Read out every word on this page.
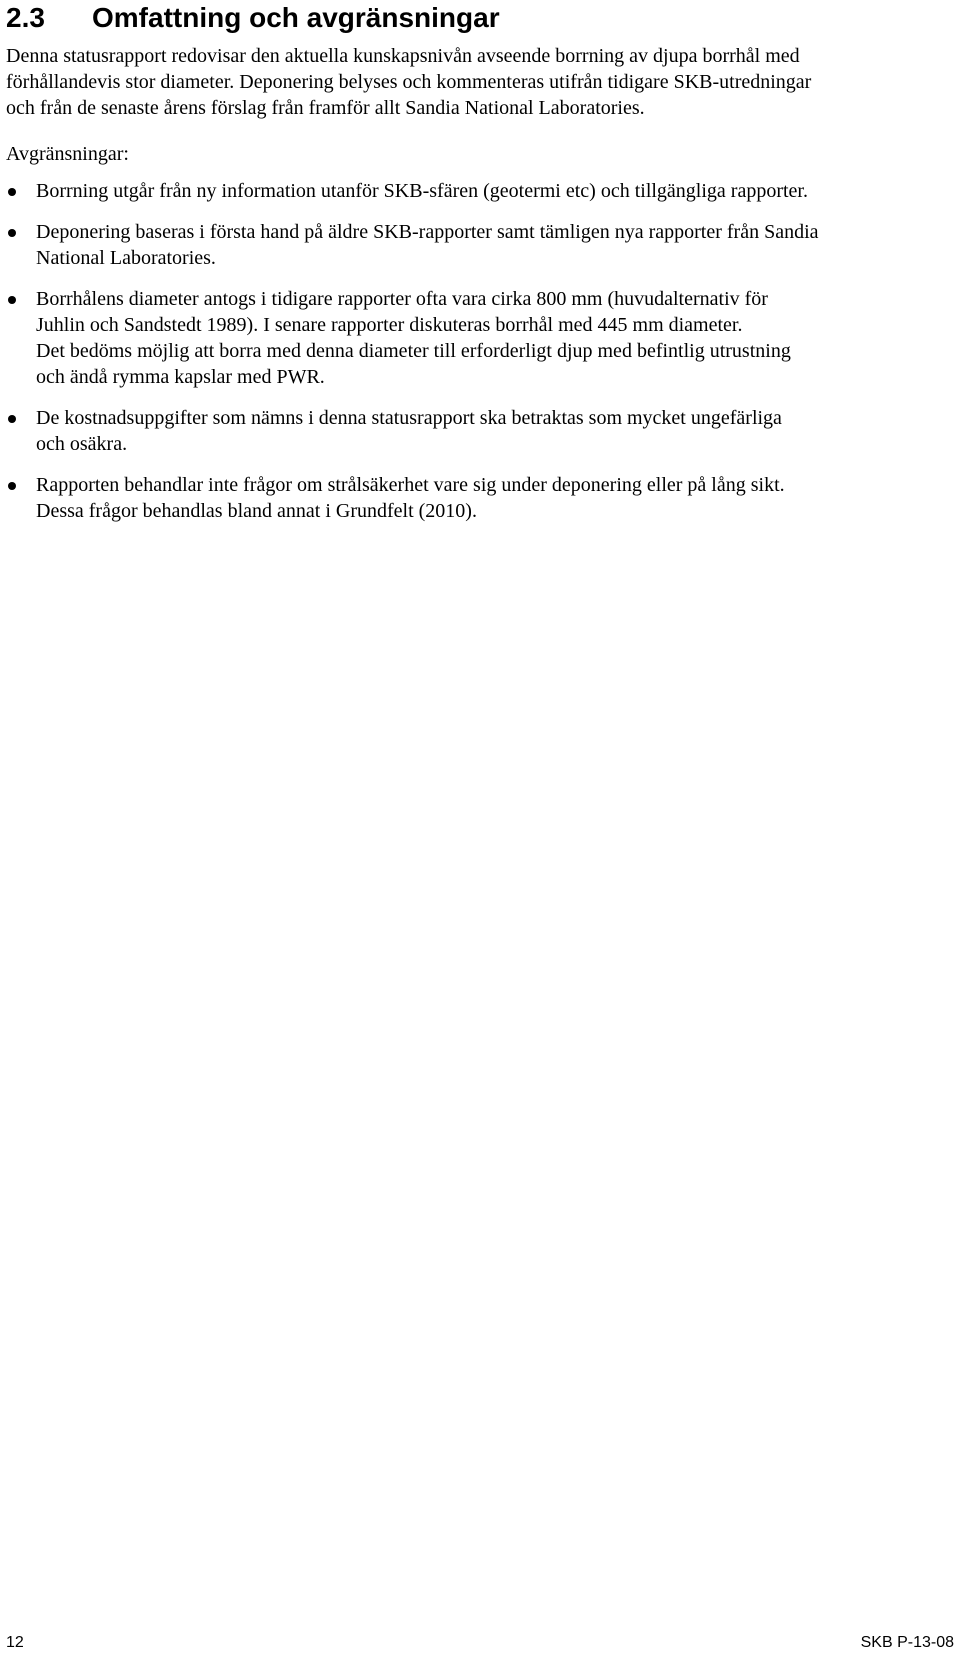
2.3 Omfattning och avgränsningar

Denna statusrapport redovisar den aktuella kunskapsnivån avseende borrning av djupa borrhål med
förhållandevis stor diameter. Deponering belyses och kommenteras utifrån tidigare SKB-utredningar
och från de senaste årens förslag från framför allt Sandia National Laboratories.

Avgränsningar:

Borrning utgår från ny information utanför SKB-sfären (geotermi etc) och tillgängliga rapporter.
Deponering baseras i första hand på äldre SKB-rapporter samt tämligen nya rapporter från Sandia
National Laboratories.
Borrhålens diameter antogs i tidigare rapporter ofta vara cirka 800 mm (huvudalternativ för
Juhlin och Sandstedt 1989). I senare rapporter diskuteras borrhål med 445 mm diameter.
Det bedöms möjlig att borra med denna diameter till erforderligt djup med befintlig utrustning
och ändå rymma kapslar med PWR.
De kostnadsuppgifter som nämns i denna statusrapport ska betraktas som mycket ungefärliga
och osäkra.
Rapporten behandlar inte frågor om strålsäkerhet vare sig under deponering eller på lång sikt.
Dessa frågor behandlas bland annat i Grundfelt (2010).
12	SKB P-13-08
